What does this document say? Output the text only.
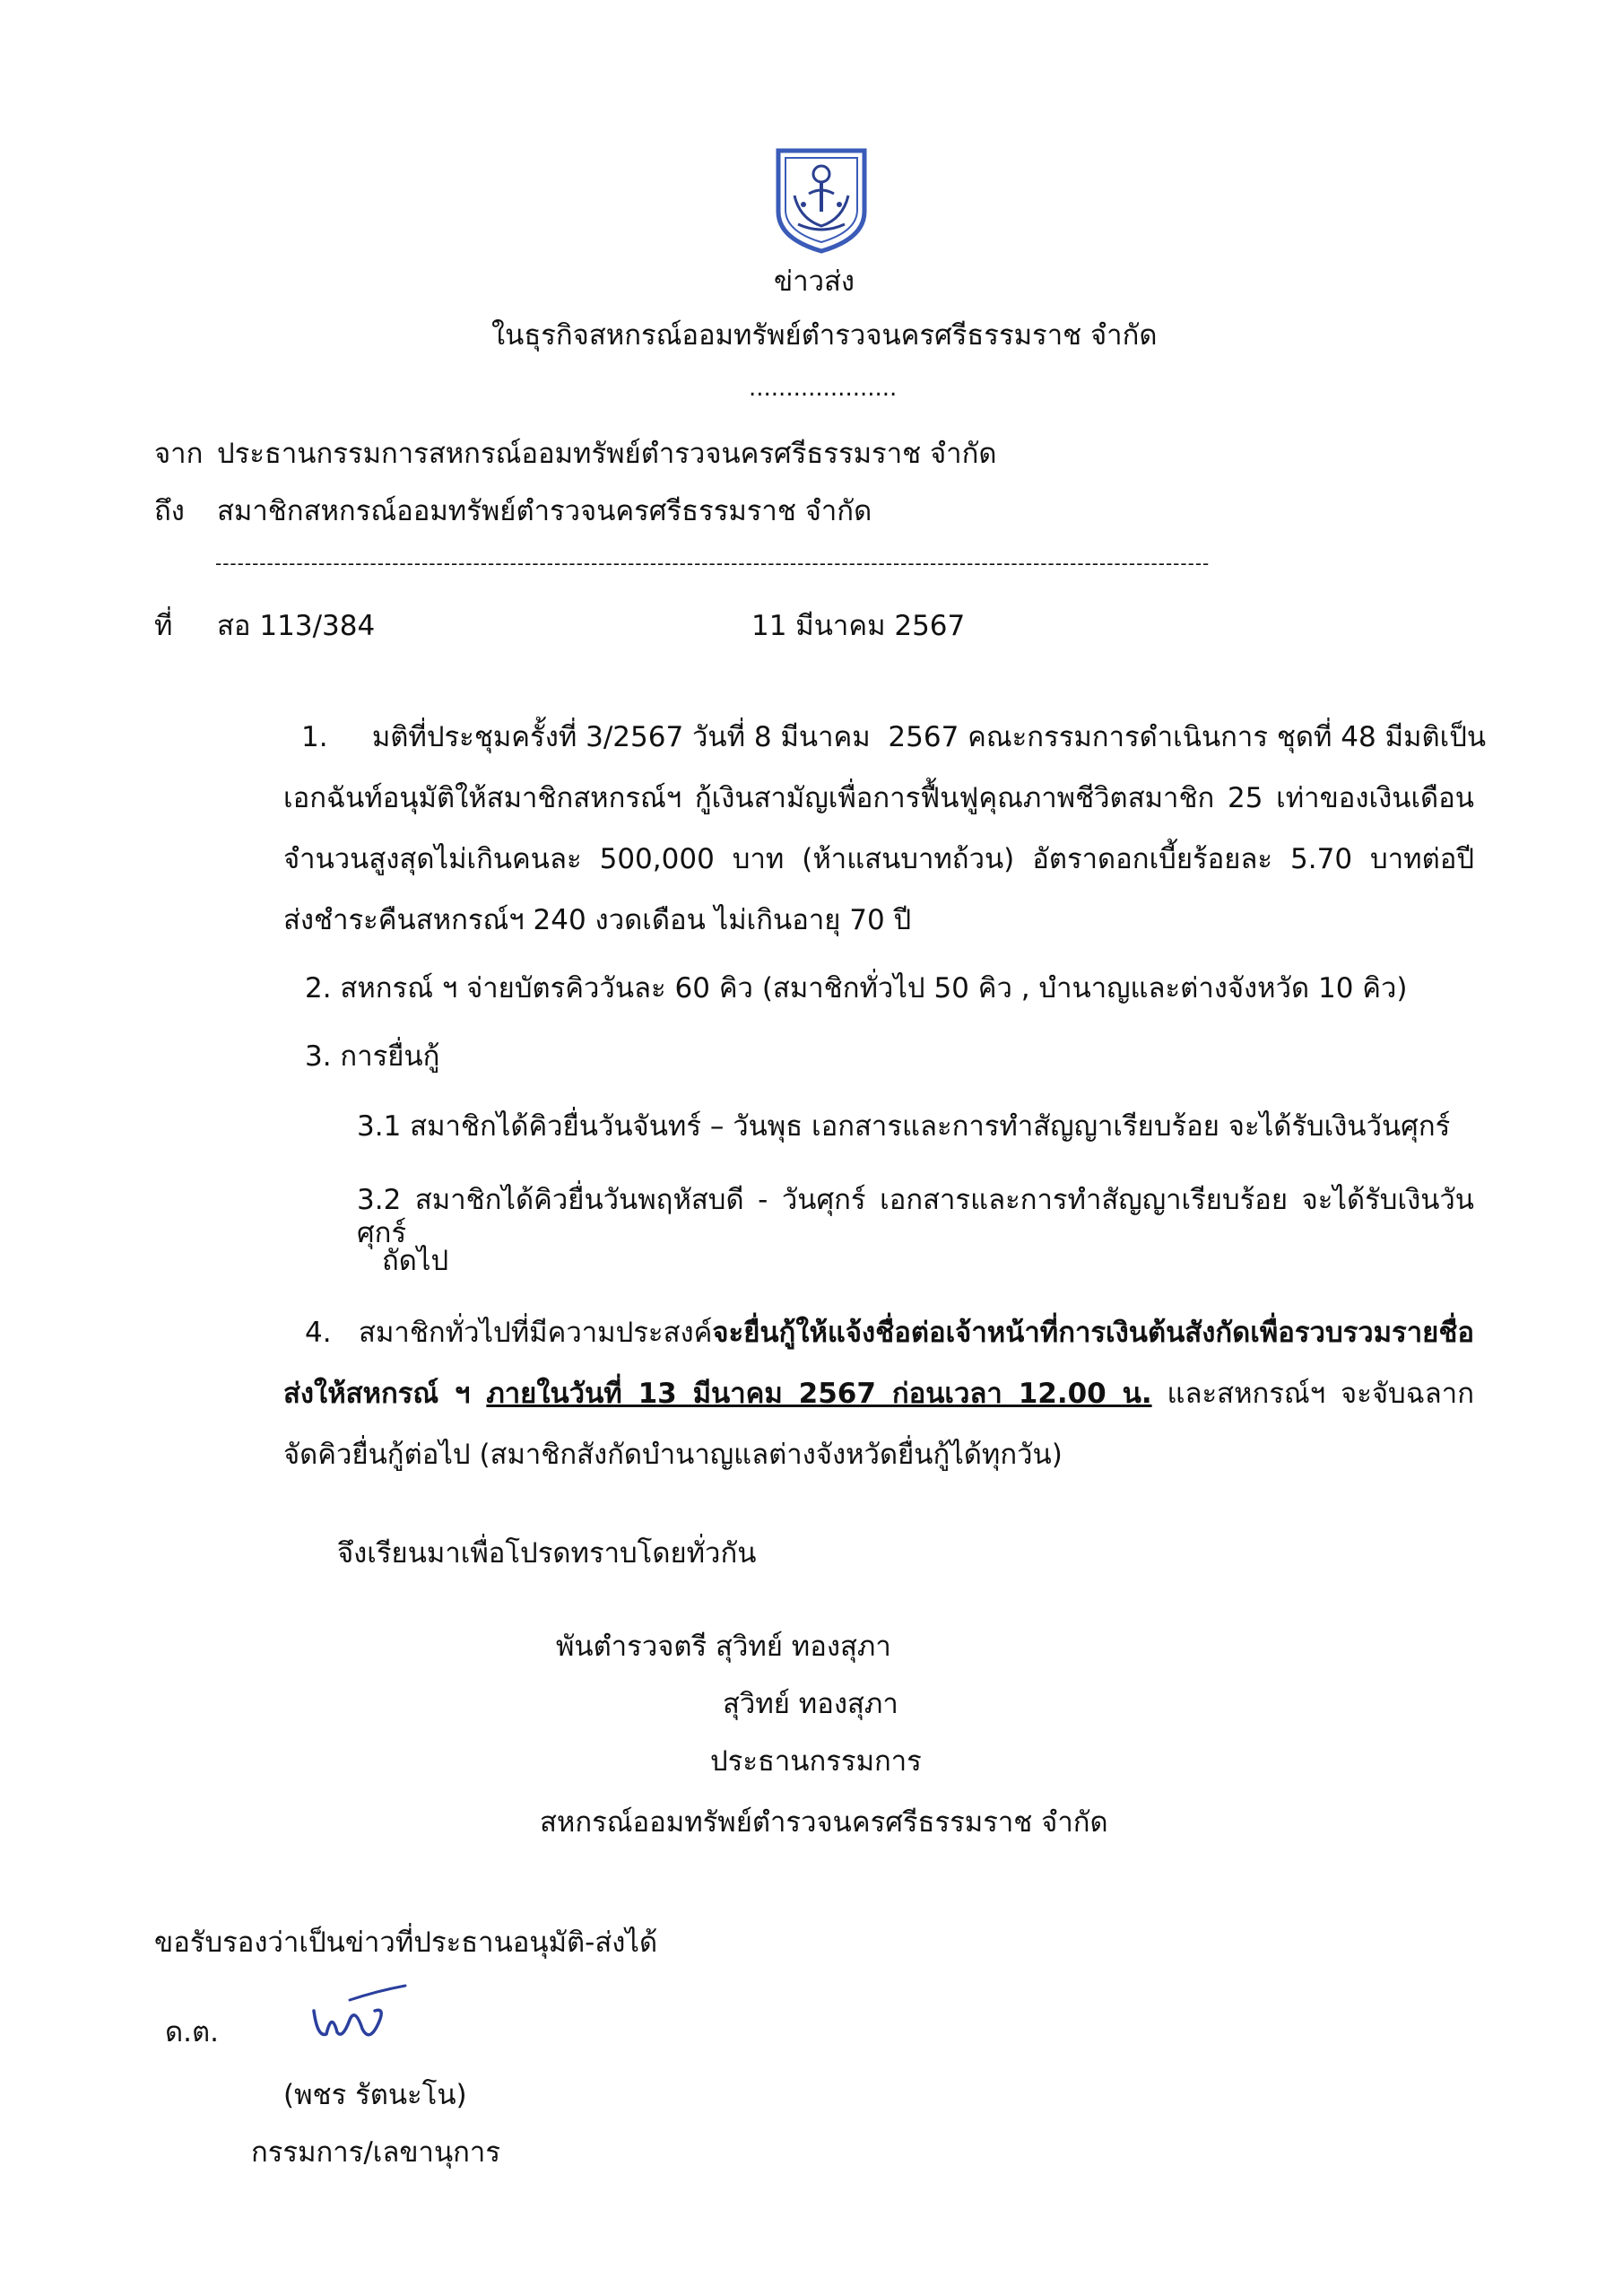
ข่าวส่ง
ในธุรกิจสหกรณ์ออมทรัพย์ตำรวจนครศรีธรรมราช จำกัด
....................
จาก ประธานกรรมการสหกรณ์ออมทรัพย์ตำรวจนครศรีธรรมราช จำกัด
ถึง สมาชิกสหกรณ์ออมทรัพย์ตำรวจนครศรีธรรมราช จำกัด
---------------------------------------------------------------------------------------------------------------------------------------
ที่ สอ 113/384	11 มีนาคม 2567
1.     มติที่ประชุมครั้งที่ 3/2567 วันที่ 8 มีนาคม  2567 คณะกรรมการดำเนินการ ชุดที่ 48 มีมติเป็น
เอกฉันท์อนุมัติให้สมาชิกสหกรณ์ฯ กู้เงินสามัญเพื่อการฟื้นฟูคุณภาพชีวิตสมาชิก 25 เท่าของเงินเดือน
จำนวนสูงสุดไม่เกินคนละ 500,000 บาท (ห้าแสนบาทถ้วน) อัตราดอกเบี้ยร้อยละ 5.70 บาทต่อปี
ส่งชำระคืนสหกรณ์ฯ 240 งวดเดือน ไม่เกินอายุ 70 ปี
2. สหกรณ์ ฯ จ่ายบัตรคิววันละ 60 คิว (สมาชิกทั่วไป 50 คิว , บำนาญและต่างจังหวัด 10 คิว)
3. การยื่นกู้
3.1 สมาชิกได้คิวยื่นวันจันทร์ – วันพุธ เอกสารและการทำสัญญาเรียบร้อย จะได้รับเงินวันศุกร์
3.2 สมาชิกได้คิวยื่นวันพฤหัสบดี - วันศุกร์ เอกสารและการทำสัญญาเรียบร้อย จะได้รับเงินวันศุกร์
ถัดไป
4. สมาชิกทั่วไปที่มีความประสงค์จะยื่นกู้ให้แจ้งชื่อต่อเจ้าหน้าที่การเงินต้นสังกัดเพื่อรวบรวมรายชื่อ
ส่งให้สหกรณ์ ฯ ภายในวันที่ 13 มีนาคม 2567 ก่อนเวลา 12.00 น. และสหกรณ์ฯ จะจับฉลาก
จัดคิวยื่นกู้ต่อไป (สมาชิกสังกัดบำนาญแลต่างจังหวัดยื่นกู้ได้ทุกวัน)
จึงเรียนมาเพื่อโปรดทราบโดยทั่วกัน
พันตำรวจตรี สุวิทย์ ทองสุภา
สุวิทย์ ทองสุภา
ประธานกรรมการ
สหกรณ์ออมทรัพย์ตำรวจนครศรีธรรมราช จำกัด
ขอรับรองว่าเป็นข่าวที่ประธานอนุมัติ-ส่งได้
ด.ต.
(พชร รัตนะโน)
กรรมการ/เลขานุการ
